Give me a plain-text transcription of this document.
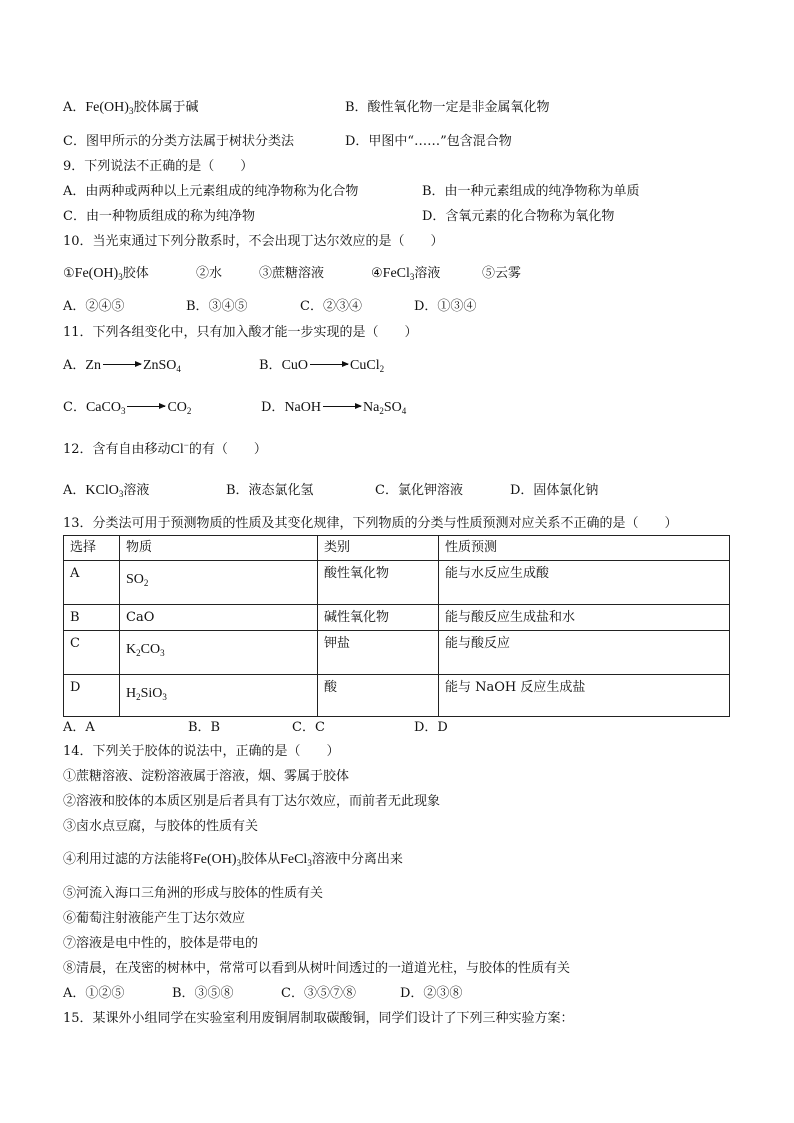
A．$Fe(OH)_3$胶体属于碱	B．酸性氧化物一定是非金属氧化物
C．图甲所示的分类方法属于树状分类法	D．甲图中“……”包含混合物
9．下列说法不正确的是（　　）
A．由两种或两种以上元素组成的纯净物称为化合物	B．由一种元素组成的纯净物称为单质
C．由一种物质组成的称为纯净物	D．含氧元素的化合物称为氧化物
10．当光束通过下列分散系时，不会出现丁达尔效应的是（　　）
$①Fe(OH)_3$胶体	②水	③蔗糖溶液	④FeCl$_3$溶液	⑤云雾
A．②④⑤	B．③④⑤	C．②③④	D．①③④
11．下列各组变化中，只有加入酸才能一步实现的是（　　）
A．Zn	ZnSO$_4$	B．CuO	CuCl$_2$
C．CaCO$_3$	$CO_2$	D．NaOH	$Na_2SO_4$
12．含有自由移动Cl−的有（　　）
A．KClO$_3$溶液	B．液态氯化氢	C．氯化钾溶液	D．固体氯化钠
13．分类法可用于预测物质的性质及其变化规律，下列物质的分类与性质预测对应关系不正确的是（　　）
选择	物质	类别	性质预测
A	$SO_2$	酸性氧化物	能与水反应生成酸
B	CaO	碱性氧化物	能与酸反应生成盐和水
C	$K_2CO_3$	钾盐	能与酸反应
D	$H_2SiO_3$	酸	能与 NaOH 反应生成盐
A．A	B．B	C．C	D．D
14．下列关于胶体的说法中，正确的是（　　）
①蔗糖溶液、淀粉溶液属于溶液，烟、雾属于胶体
②溶液和胶体的本质区别是后者具有丁达尔效应，而前者无此现象
③卤水点豆腐，与胶体的性质有关
④利用过滤的方法能将$Fe(OH)_3$胶体从FeCl$_3$溶液中分离出来
⑤河流入海口三角洲的形成与胶体的性质有关
⑥葡萄注射液能产生丁达尔效应
⑦溶液是电中性的，胶体是带电的
⑧清晨，在茂密的树林中，常常可以看到从树叶间透过的一道道光柱，与胶体的性质有关
A．①②⑤	B．③⑤⑧	C．③⑤⑦⑧	D．②③⑧
15．某课外小组同学在实验室利用废铜屑制取碳酸铜，同学们设计了下列三种实验方案：
